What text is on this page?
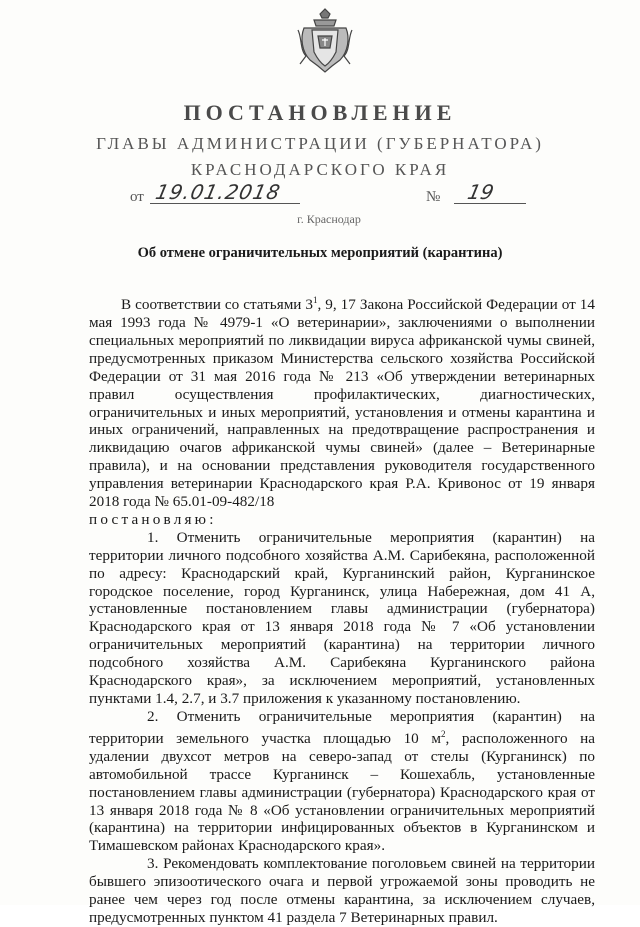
ПОСТАНОВЛЕНИЕ
ГЛАВЫ АДМИНИСТРАЦИИ (ГУБЕРНАТОРА)
КРАСНОДАРСКОГО КРАЯ
от 19.01.2018	№ 19
г. Краснодар
Об отмене ограничительных мероприятий (карантина)

В соответствии со статьями $3^1$, 9, 17 Закона Российской Федерации от 14 мая 1993 года № 4979-1 «О ветеринарии», заключениями о выполнении специальных мероприятий по ликвидации вируса африканской чумы свиней, предусмотренных приказом Министерства сельского хозяйства Российской Федерации от 31 мая 2016 года № 213 «Об утверждении ветеринарных правил осуществления профилактических, диагностических, ограничительных и иных мероприятий, установления и отмены карантина и иных ограничений, направленных на предотвращение распространения и ликвидацию очагов африканской чумы свиней» (далее – Ветеринарные правила), и на основании представления руководителя государственного управления ветеринарии Краснодарского края Р.А. Кривонос от 19 января 2018 года № 65.01-09-482/18

постановляю:

1. Отменить ограничительные мероприятия (карантин) на территории личного подсобного хозяйства А.М. Сарибекяна, расположенной по адресу: Краснодарский край, Курганинский район, Курганинское городское поселение, город Курганинск, улица Набережная, дом 41 А, установленные постановлением главы администрации (губернатора) Краснодарского края от 13 января 2018 года № 7 «Об установлении ограничительных мероприятий (карантина) на территории личного подсобного хозяйства А.М. Сарибекяна Курганинского района Краснодарского края», за исключением мероприятий, установленных пунктами 1.4, 2.7, и 3.7 приложения к указанному постановлению.

2. Отменить ограничительные мероприятия (карантин) на территории земельного участка площадью 10 $м^2$, расположенного на удалении двухсот метров на северо-запад от стелы (Курганинск) по автомобильной трассе Курганинск – Кошехабль, установленные постановлением главы администрации (губернатора) Краснодарского края от 13 января 2018 года № 8 «Об установлении ограничительных мероприятий (карантина) на территории инфицированных объектов в Курганинском и Тимашевском районах Краснодарского края».

3. Рекомендовать комплектование поголовьем свиней на территории бывшего эпизоотического очага и первой угрожаемой зоны проводить не ранее чем через год после отмены карантина, за исключением случаев, предусмотренных пунктом 41 раздела 7 Ветеринарных правил.
